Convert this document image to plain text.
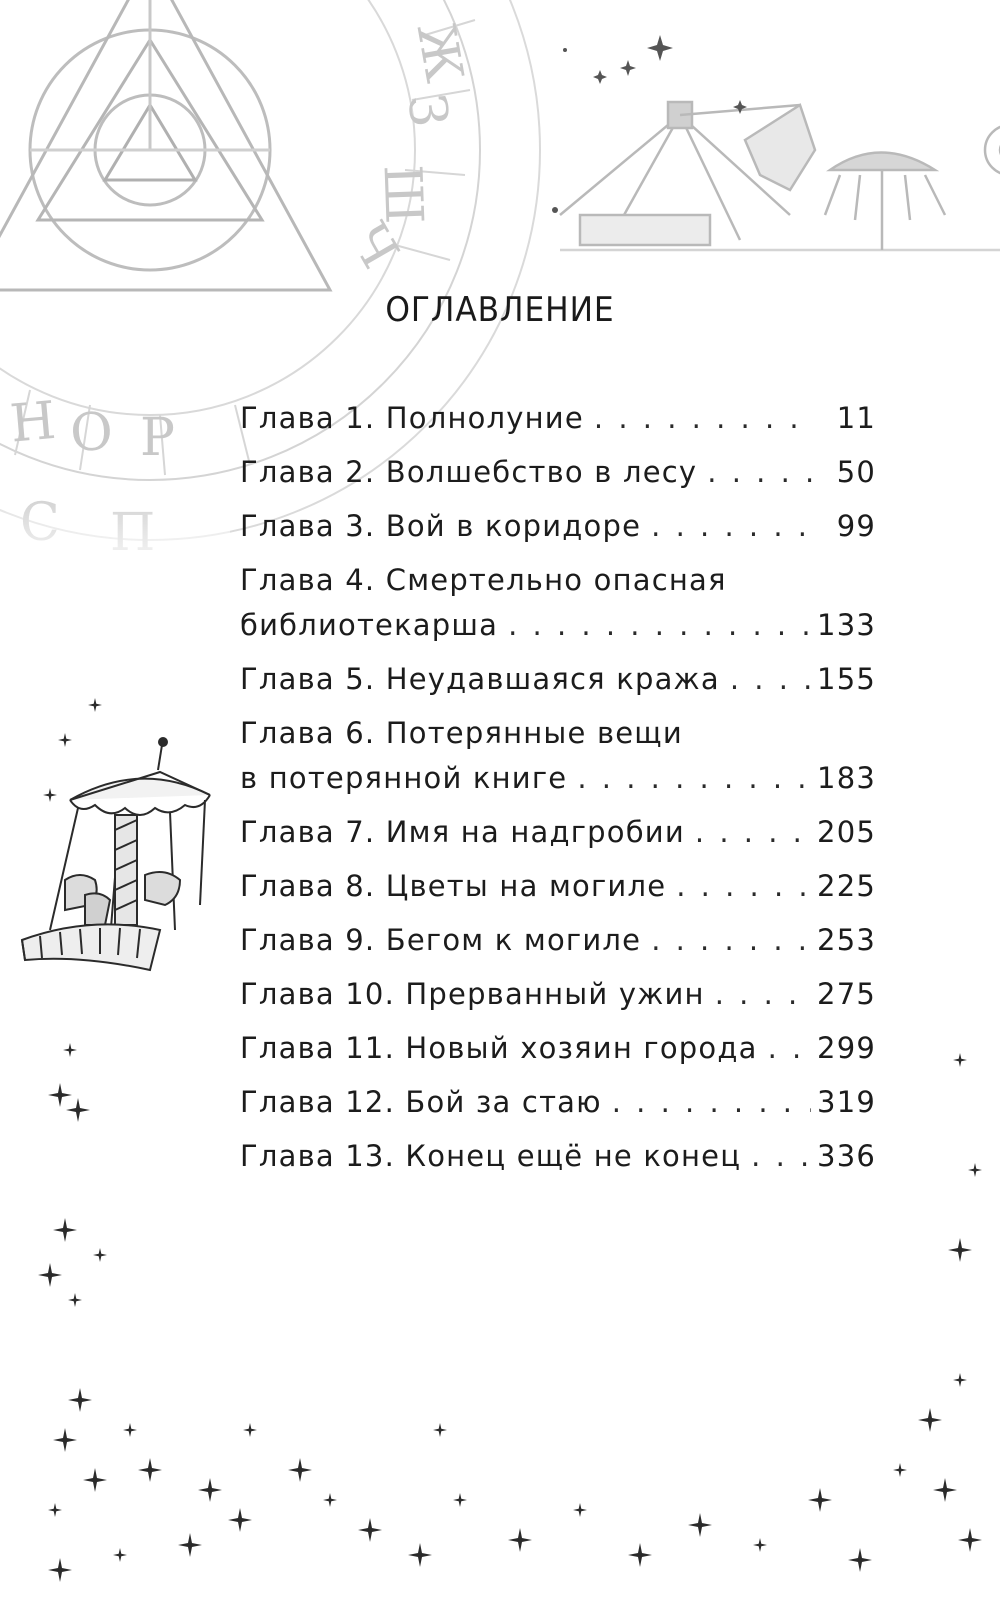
Ж
З
Ш
Ч
ОГЛАВЛЕНИЕ
Глава 1. Полнолуние . . .	11
Глава 2. Волшебство в лесу . . .	50
Глава 3. Вой в коридоре . . .	99
Глава 4. Смертельно опасная
библиотекарша . . .	133
Глава 5. Неудавшаяся кража . . .	155
Глава 6. Потерянные вещи
в потерянной книге . . .	183
Глава 7. Имя на надгробии . . .	205
Глава 8. Цветы на могиле . . .	225
Глава 9. Бегом к могиле . . .	253
Глава 10. Прерванный ужин . . .	275
Глава 11. Новый хозяин города . . . 299
Глава 12. Бой за стаю . . .	319
Глава 13. Конец ещё не конец . . .	336
